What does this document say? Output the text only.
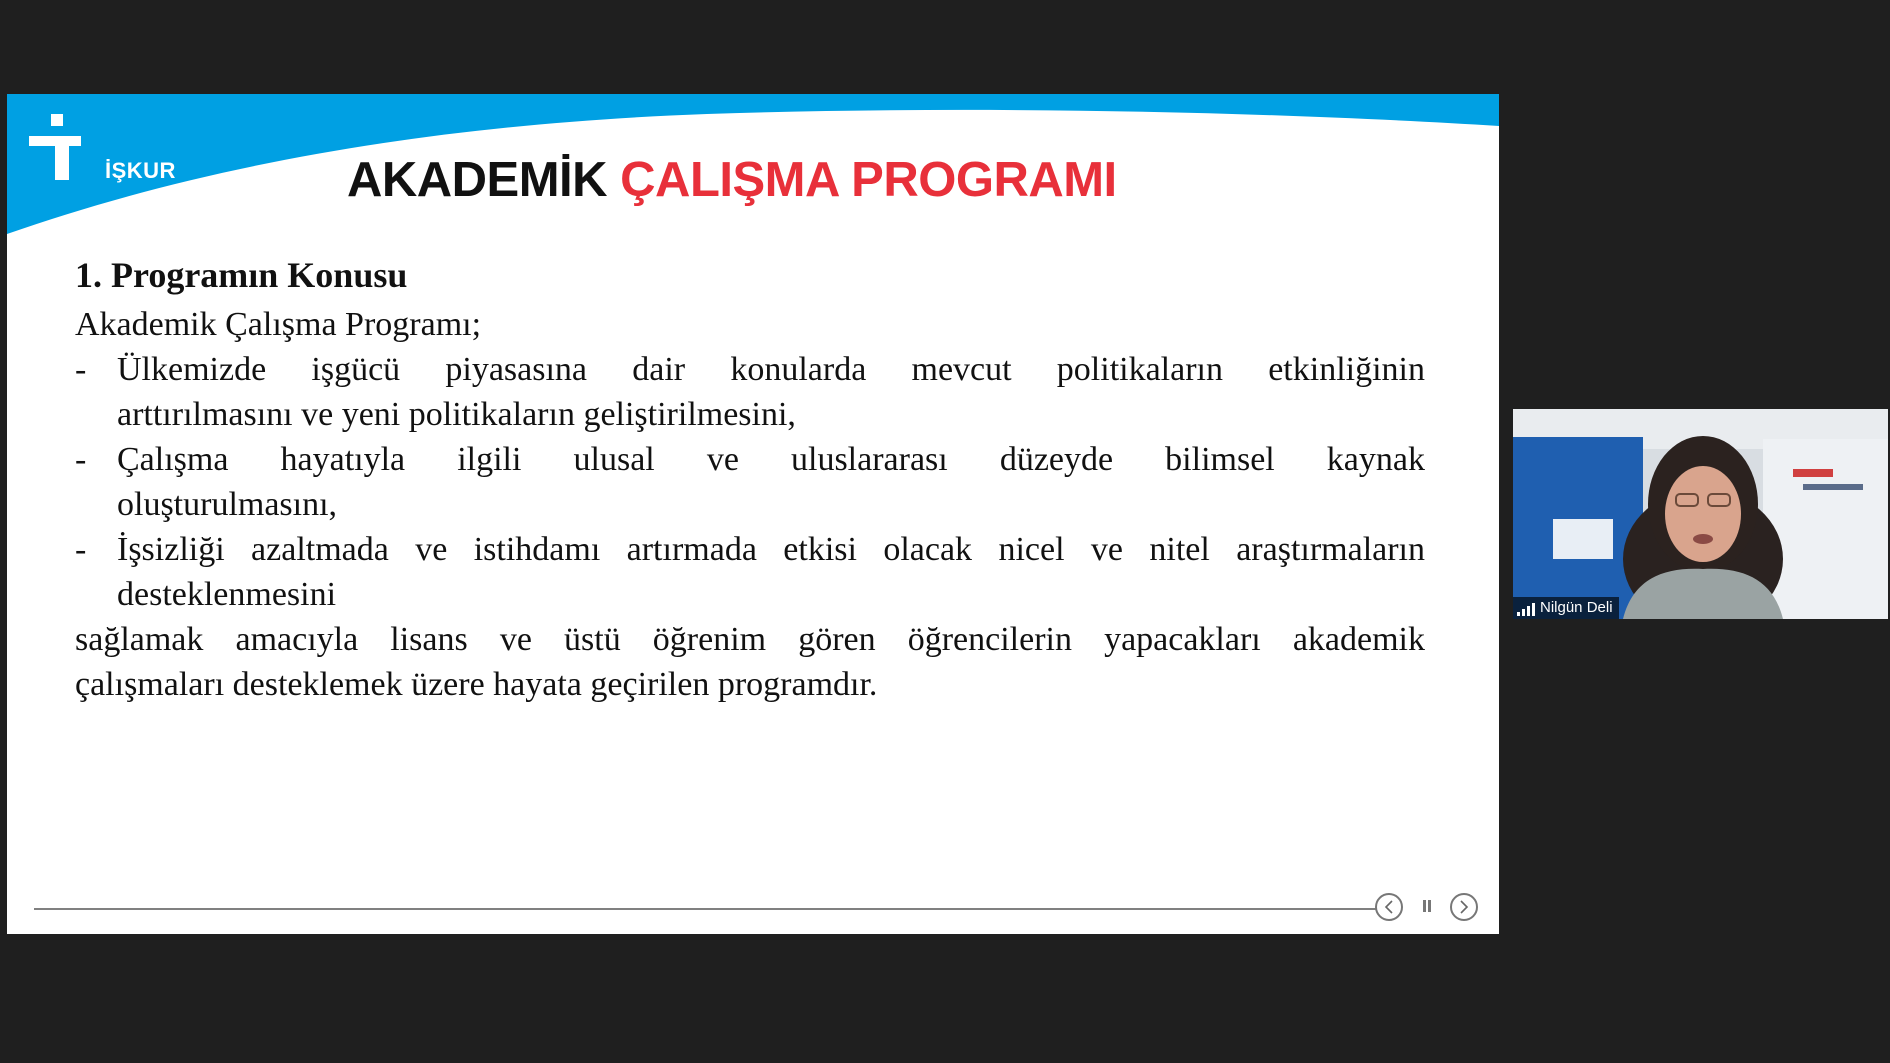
İŞKUR	AKADEMİK ÇALIŞMA PROGRAMI
1. Programın Konusu

Akademik Çalışma Programı;

- Ülkemizde işgücü piyasasına dair konularda mevcut politikaların etkinliğinin
arttırılmasını ve yeni politikaların geliştirilmesini,
- Çalışma hayatıyla ilgili ulusal ve uluslararası düzeyde bilimsel kaynak
oluşturulmasını,
- İşsizliği azaltmada ve istihdamı artırmada etkisi olacak nicel ve nitel araştırmaların
desteklenmesini

sağlamak amacıyla lisans ve üstü öğrenim gören öğrencilerin yapacakları akademik

çalışmaları desteklemek üzere hayata geçirilen programdır.

Nilgün Deli
